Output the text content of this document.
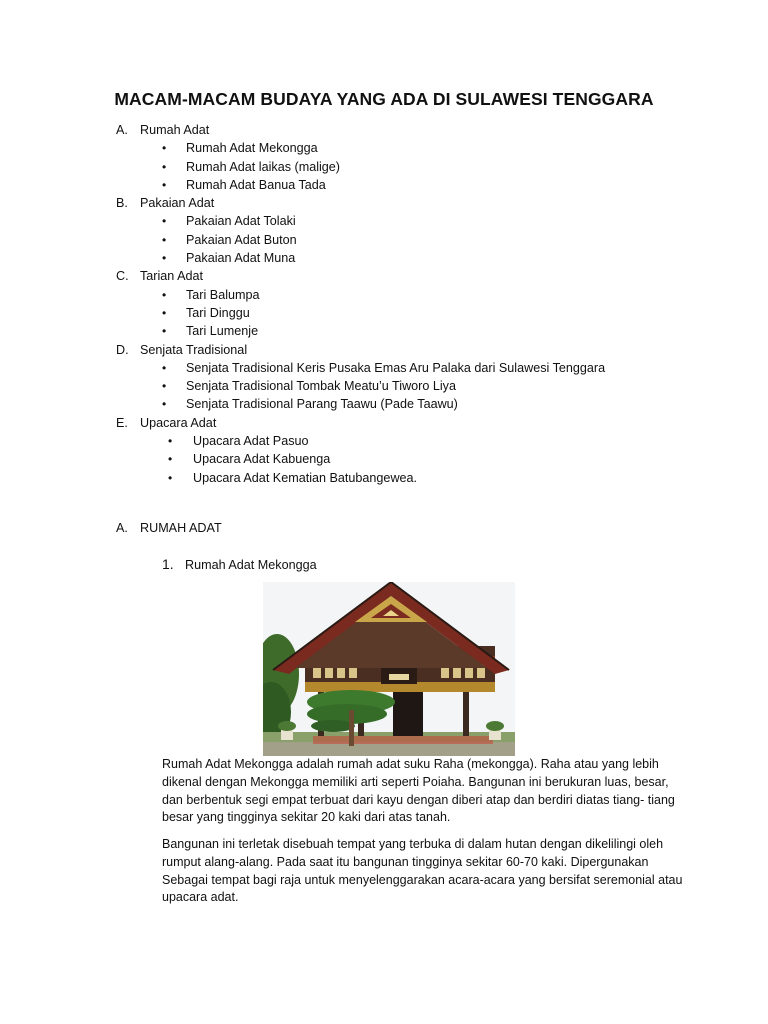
MACAM-MACAM BUDAYA YANG ADA DI SULAWESI TENGGARA
A. Rumah Adat
• Rumah Adat Mekongga
• Rumah Adat laikas (malige)
• Rumah Adat Banua Tada
B. Pakaian Adat
• Pakaian Adat Tolaki
• Pakaian Adat Buton
• Pakaian Adat Muna
C. Tarian Adat
• Tari Balumpa
• Tari Dinggu
• Tari Lumenje
D. Senjata Tradisional
• Senjata Tradisional Keris Pusaka Emas Aru Palaka dari Sulawesi Tenggara
• Senjata Tradisional Tombak Meatu’u Tiworo Liya
• Senjata Tradisional Parang Taawu (Pade Taawu)
E. Upacara Adat
• Upacara Adat Pasuo
• Upacara Adat Kabuenga
• Upacara Adat Kematian Batubangewea.
A. RUMAH ADAT
1. Rumah Adat Mekongga
Rumah Adat Mekongga adalah rumah adat suku Raha (mekongga). Raha atau yang lebih dikenal dengan Mekongga memiliki arti seperti Poiaha. Bangunan ini berukuran luas, besar, dan berbentuk segi empat terbuat dari kayu dengan diberi atap dan berdiri diatas tiang- tiang besar yang tingginya sekitar 20 kaki dari atas tanah.
Bangunan ini terletak disebuah tempat yang terbuka di dalam hutan dengan dikelilingi oleh rumput alang-alang. Pada saat itu bangunan tingginya sekitar 60-70 kaki. Dipergunakan Sebagai tempat bagi raja untuk menyelenggarakan acara-acara yang bersifat seremonial atau upacara adat.
